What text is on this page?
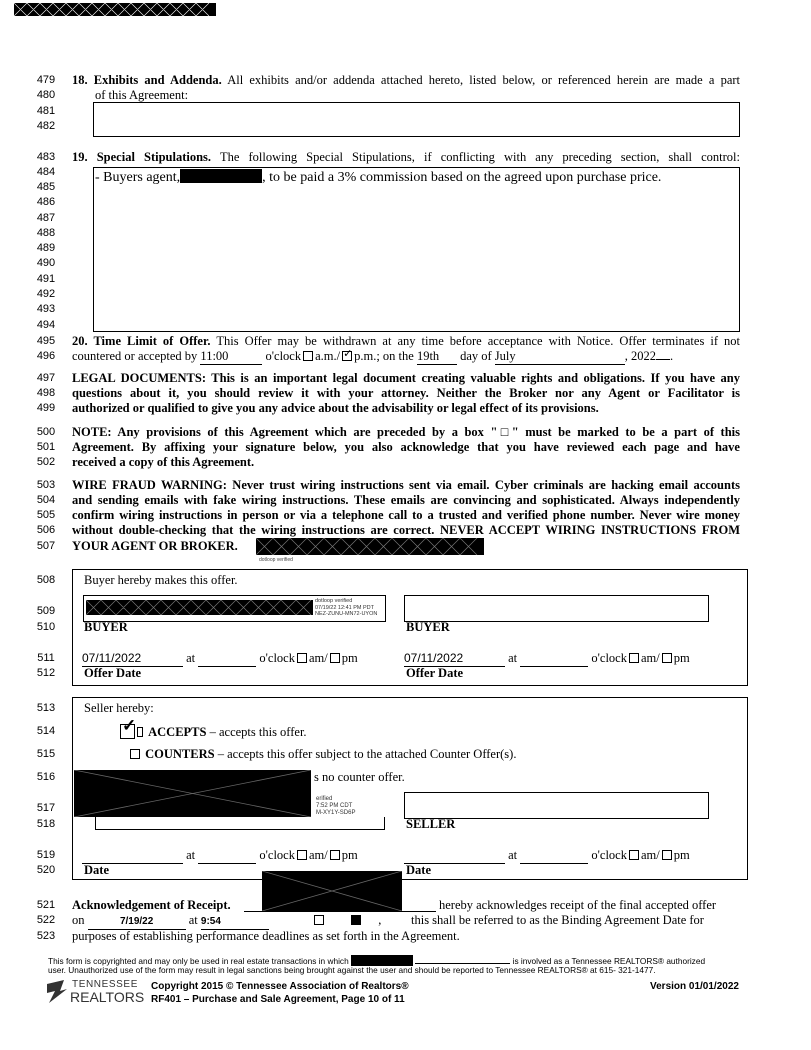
479
480
481
482
483
484
485
486
487
488
489
490
491
492
493
494
495
496
497
498
499
500
501
502
503
504
505
506
507
508
509
510
511
512
513
514
515
516
517
518
519
520
521
522
523
18. Exhibits and Addenda. All exhibits and/or addenda attached hereto, listed below, or referenced herein are made a part
of this Agreement:
19. Special Stipulations. The following Special Stipulations, if conflicting with any preceding section, shall control:
- Buyers agent,	, to be paid a 3% commission based on the agreed upon purchase price.
20. Time Limit of Offer. This Offer may be withdrawn at any time before acceptance with Notice. Offer terminates if not
countered or accepted by 11:00	o'clock a.m./ ✓ p.m.; on the 19th day of July	, 2022 .
LEGAL DOCUMENTS: This is an important legal document creating valuable rights and obligations. If you have any
questions about it, you should review it with your attorney. Neither the Broker nor any Agent or Facilitator is
authorized or qualified to give you any advice about the advisability or legal effect of its provisions.
NOTE: Any provisions of this Agreement which are preceded by a box "□" must be marked to be a part of this
Agreement. By affixing your signature below, you also acknowledge that you have reviewed each page and have
received a copy of this Agreement.
WIRE FRAUD WARNING: Never trust wiring instructions sent via email. Cyber criminals are hacking email accounts
and sending emails with fake wiring instructions. These emails are convincing and sophisticated. Always independently
confirm wiring instructions in person or via a telephone call to a trusted and verified phone number. Never wire money
without double-checking that the wiring instructions are correct. NEVER ACCEPT WIRING INSTRUCTIONS FROM
YOUR AGENT OR BROKER.
dotloop verified
Buyer hereby makes this offer.
dotloop verified
07/19/22 12:41 PM PDT
NEZ-ZUNU-MN72-UYON
BUYER	BUYER
07/11/2022	at	o'clock am/ pm	07/11/2022	at	o'clock am/ pm
Offer Date	Offer Date
Seller hereby:
✓ ACCEPTS – accepts this offer.
COUNTERS – accepts this offer subject to the attached Counter Offer(s).
s no counter offer.
erified
7:52 PM CDT
M-XY1Y-SD6P
SELLER
at	o'clock am/ pm	at	o'clock am/ pm
Date	Date
Acknowledgement of Receipt.	hereby acknowledges receipt of the final accepted offer
on	7/19/22	at 9:54	, this shall be referred to as the Binding Agreement Date for
purposes of establishing performance deadlines as set forth in the Agreement.
This form is copyrighted and may only be used in real estate transactions in which	is involved as a Tennessee REALTORS® authorized
user. Unauthorized use of the form may result in legal sanctions being brought against the user and should be reported to Tennessee REALTORS® at 615- 321-1477.
TENNESSEE
REALTORS
Copyright 2015 © Tennessee Association of Realtors®
RF401 – Purchase and Sale Agreement, Page 10 of 11
Version 01/01/2022
